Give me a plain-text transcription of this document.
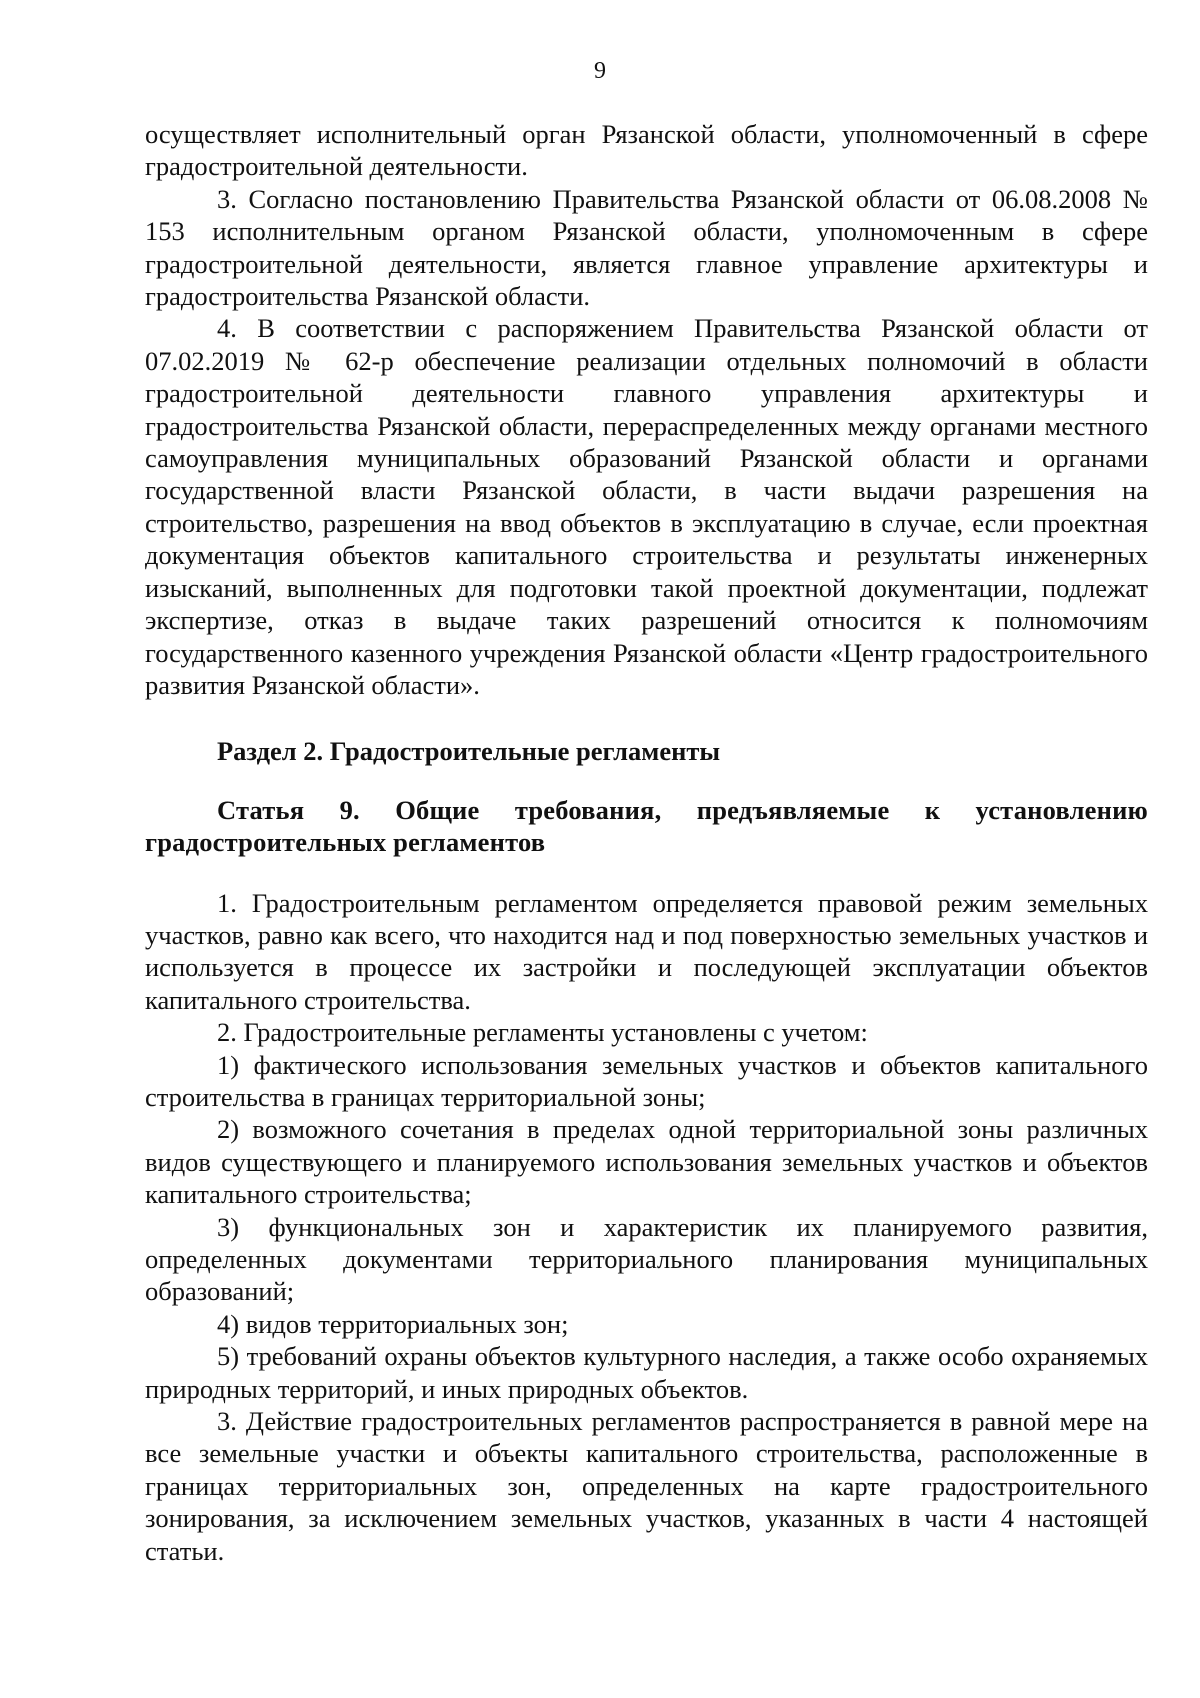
9

осуществляет исполнительный орган Рязанской области, уполномоченный в сфере градостроительной деятельности.

3. Согласно постановлению Правительства Рязанской области от 06.08.2008 № 153 исполнительным органом Рязанской области, уполномоченным в сфере градостроительной деятельности, является главное управление архитектуры и градостроительства Рязанской области.

4. В соответствии с распоряжением Правительства Рязанской области от 07.02.2019 № 62-р обеспечение реализации отдельных полномочий в области градостроительной деятельности главного управления архитектуры и градостроительства Рязанской области, перераспределенных между органами местного самоуправления муниципальных образований Рязанской области и органами государственной власти Рязанской области, в части выдачи разрешения на строительство, разрешения на ввод объектов в эксплуатацию в случае, если проектная документация объектов капитального строительства и результаты инженерных изысканий, выполненных для подготовки такой проектной документации, подлежат экспертизе, отказ в выдаче таких разрешений относится к полномочиям государственного казенного учреждения Рязанской области «Центр градостроительного развития Рязанской области».

Раздел 2. Градостроительные регламенты

Статья 9. Общие требования, предъявляемые к установлению градостроительных регламентов

1. Градостроительным регламентом определяется правовой режим земельных участков, равно как всего, что находится над и под поверхностью земельных участков и используется в процессе их застройки и последующей эксплуатации объектов капитального строительства.

2. Градостроительные регламенты установлены с учетом:

1) фактического использования земельных участков и объектов капитального строительства в границах территориальной зоны;

2) возможного сочетания в пределах одной территориальной зоны различных видов существующего и планируемого использования земельных участков и объектов капитального строительства;

3) функциональных зон и характеристик их планируемого развития, определенных документами территориального планирования муниципальных образований;

4) видов территориальных зон;

5) требований охраны объектов культурного наследия, а также особо охраняемых природных территорий, и иных природных объектов.

3. Действие градостроительных регламентов распространяется в равной мере на все земельные участки и объекты капитального строительства, расположенные в границах территориальных зон, определенных на карте градостроительного зонирования, за исключением земельных участков, указанных в части 4 настоящей статьи.
